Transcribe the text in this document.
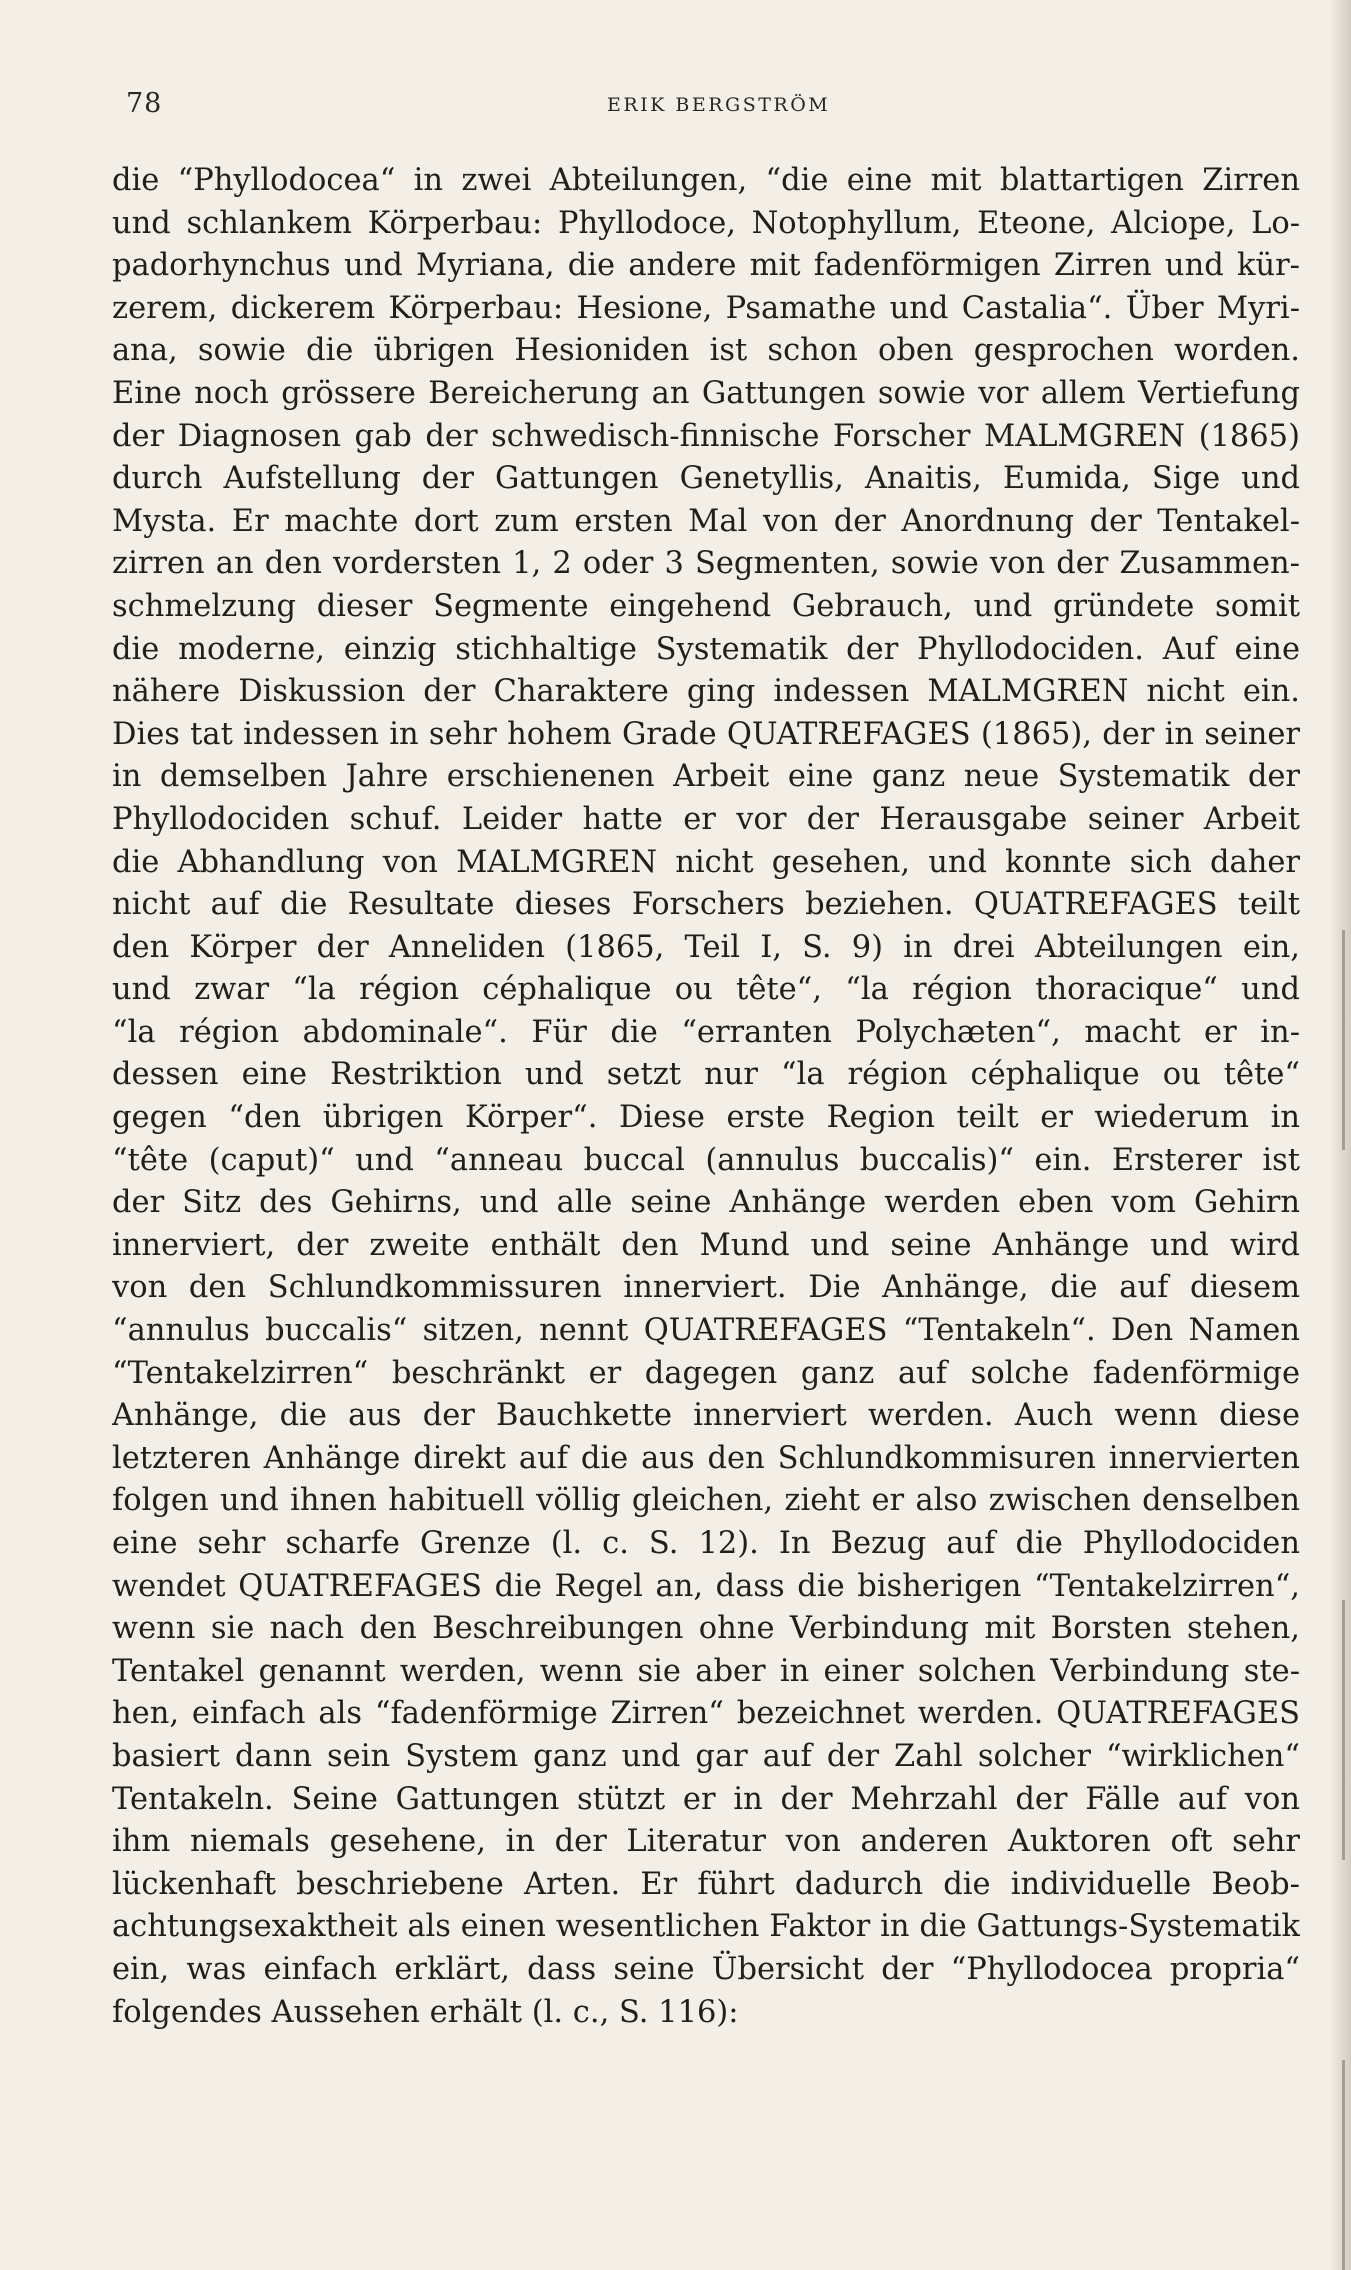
78	ERIK BERGSTRÖM
die “Phyllodocea“ in zwei Abteilungen, “die eine mit blattartigen Zirren
und schlankem Körperbau: Phyllodoce, Notophyllum, Eteone, Alciope, Lo-
padorhynchus und Myriana, die andere mit fadenförmigen Zirren und kür-
zerem, dickerem Körperbau: Hesione, Psamathe und Castalia“. Über Myri-
ana, sowie die übrigen Hesioniden ist schon oben gesprochen worden.
Eine noch grössere Bereicherung an Gattungen sowie vor allem Vertiefung
der Diagnosen gab der schwedisch-finnische Forscher MALMGREN (1865)
durch Aufstellung der Gattungen Genetyllis, Anaitis, Eumida, Sige und
Mysta. Er machte dort zum ersten Mal von der Anordnung der Tentakel-
zirren an den vordersten 1, 2 oder 3 Segmenten, sowie von der Zusammen-
schmelzung dieser Segmente eingehend Gebrauch, und gründete somit
die moderne, einzig stichhaltige Systematik der Phyllodociden. Auf eine
nähere Diskussion der Charaktere ging indessen MALMGREN nicht ein.
Dies tat indessen in sehr hohem Grade QUATREFAGES (1865), der in seiner
in demselben Jahre erschienenen Arbeit eine ganz neue Systematik der
Phyllodociden schuf. Leider hatte er vor der Herausgabe seiner Arbeit
die Abhandlung von MALMGREN nicht gesehen, und konnte sich daher
nicht auf die Resultate dieses Forschers beziehen. QUATREFAGES teilt
den Körper der Anneliden (1865, Teil I, S. 9) in drei Abteilungen ein,
und zwar “la région céphalique ou tête“, “la région thoracique“ und
“la région abdominale“. Für die “erranten Polychæten“, macht er in-
dessen eine Restriktion und setzt nur “la région céphalique ou tête“
gegen “den übrigen Körper“. Diese erste Region teilt er wiederum in
“tête (caput)“ und “anneau buccal (annulus buccalis)“ ein. Ersterer ist
der Sitz des Gehirns, und alle seine Anhänge werden eben vom Gehirn
innerviert, der zweite enthält den Mund und seine Anhänge und wird
von den Schlundkommissuren innerviert. Die Anhänge, die auf diesem
“annulus buccalis“ sitzen, nennt QUATREFAGES “Tentakeln“. Den Namen
“Tentakelzirren“ beschränkt er dagegen ganz auf solche fadenförmige
Anhänge, die aus der Bauchkette innerviert werden. Auch wenn diese
letzteren Anhänge direkt auf die aus den Schlundkommisuren innervierten
folgen und ihnen habituell völlig gleichen, zieht er also zwischen denselben
eine sehr scharfe Grenze (l. c. S. 12). In Bezug auf die Phyllodociden
wendet QUATREFAGES die Regel an, dass die bisherigen “Tentakelzirren“,
wenn sie nach den Beschreibungen ohne Verbindung mit Borsten stehen,
Tentakel genannt werden, wenn sie aber in einer solchen Verbindung ste-
hen, einfach als “fadenförmige Zirren“ bezeichnet werden. QUATREFAGES
basiert dann sein System ganz und gar auf der Zahl solcher “wirklichen“
Tentakeln. Seine Gattungen stützt er in der Mehrzahl der Fälle auf von
ihm niemals gesehene, in der Literatur von anderen Auktoren oft sehr
lückenhaft beschriebene Arten. Er führt dadurch die individuelle Beob-
achtungsexaktheit als einen wesentlichen Faktor in die Gattungs-Systematik
ein, was einfach erklärt, dass seine Übersicht der “Phyllodocea propria“
folgendes Aussehen erhält (l. c., S. 116):
